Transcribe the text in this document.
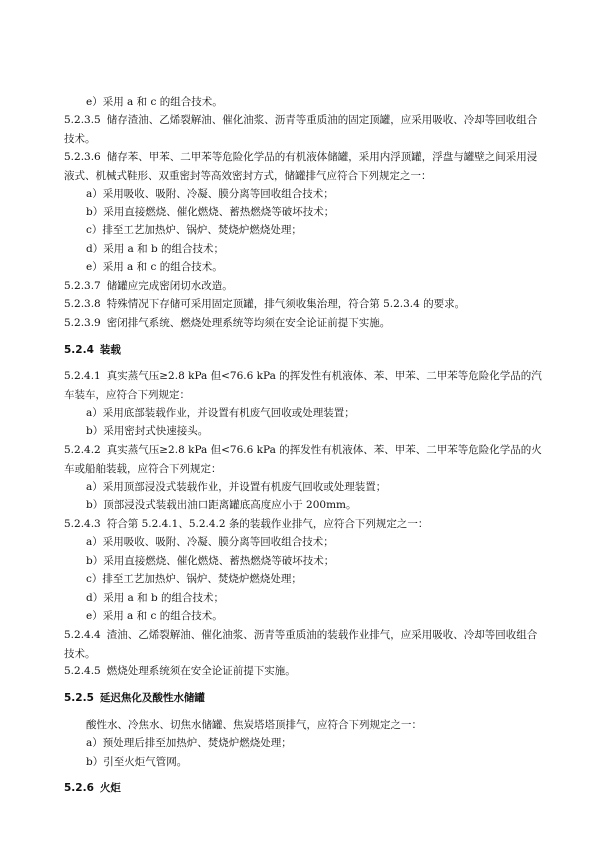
e）采用 a 和 c 的组合技术。

5.2.3.5 储存渣油、乙烯裂解油、催化油浆、沥青等重质油的固定顶罐，应采用吸收、冷却等回收组合技术。

5.2.3.6 储存苯、甲苯、二甲苯等危险化学品的有机液体储罐，采用内浮顶罐，浮盘与罐壁之间采用浸液式、机械式鞋形、双重密封等高效密封方式，储罐排气应符合下列规定之一：

a）采用吸收、吸附、冷凝、膜分离等回收组合技术；

b）采用直接燃烧、催化燃烧、蓄热燃烧等破坏技术；

c）排至工艺加热炉、锅炉、焚烧炉燃烧处理；

d）采用 a 和 b 的组合技术；

e）采用 a 和 c 的组合技术。

5.2.3.7 储罐应完成密闭切水改造。

5.2.3.8 特殊情况下存储可采用固定顶罐，排气须收集治理，符合第 5.2.3.4 的要求。

5.2.3.9 密闭排气系统、燃烧处理系统等均须在安全论证前提下实施。

5.2.4 装载

5.2.4.1 真实蒸气压≥2.8 kPa 但<76.6 kPa 的挥发性有机液体、苯、甲苯、二甲苯等危险化学品的汽车装车，应符合下列规定：

a）采用底部装载作业，并设置有机废气回收或处理装置；

b）采用密封式快速接头。

5.2.4.2 真实蒸气压≥2.8 kPa 但<76.6 kPa 的挥发性有机液体、苯、甲苯、二甲苯等危险化学品的火车或船舶装载，应符合下列规定：

a）采用顶部浸没式装载作业，并设置有机废气回收或处理装置；

b）顶部浸没式装载出油口距离罐底高度应小于 200mm。

5.2.4.3 符合第 5.2.4.1、5.2.4.2 条的装载作业排气，应符合下列规定之一：

a）采用吸收、吸附、冷凝、膜分离等回收组合技术；

b）采用直接燃烧、催化燃烧、蓄热燃烧等破坏技术；

c）排至工艺加热炉、锅炉、焚烧炉燃烧处理；

d）采用 a 和 b 的组合技术；

e）采用 a 和 c 的组合技术。

5.2.4.4 渣油、乙烯裂解油、催化油浆、沥青等重质油的装载作业排气，应采用吸收、冷却等回收组合技术。

5.2.4.5 燃烧处理系统须在安全论证前提下实施。

5.2.5 延迟焦化及酸性水储罐

酸性水、冷焦水、切焦水储罐、焦炭塔塔顶排气，应符合下列规定之一：

a）预处理后排至加热炉、焚烧炉燃烧处理；

b）引至火炬气管网。

5.2.6 火炬
